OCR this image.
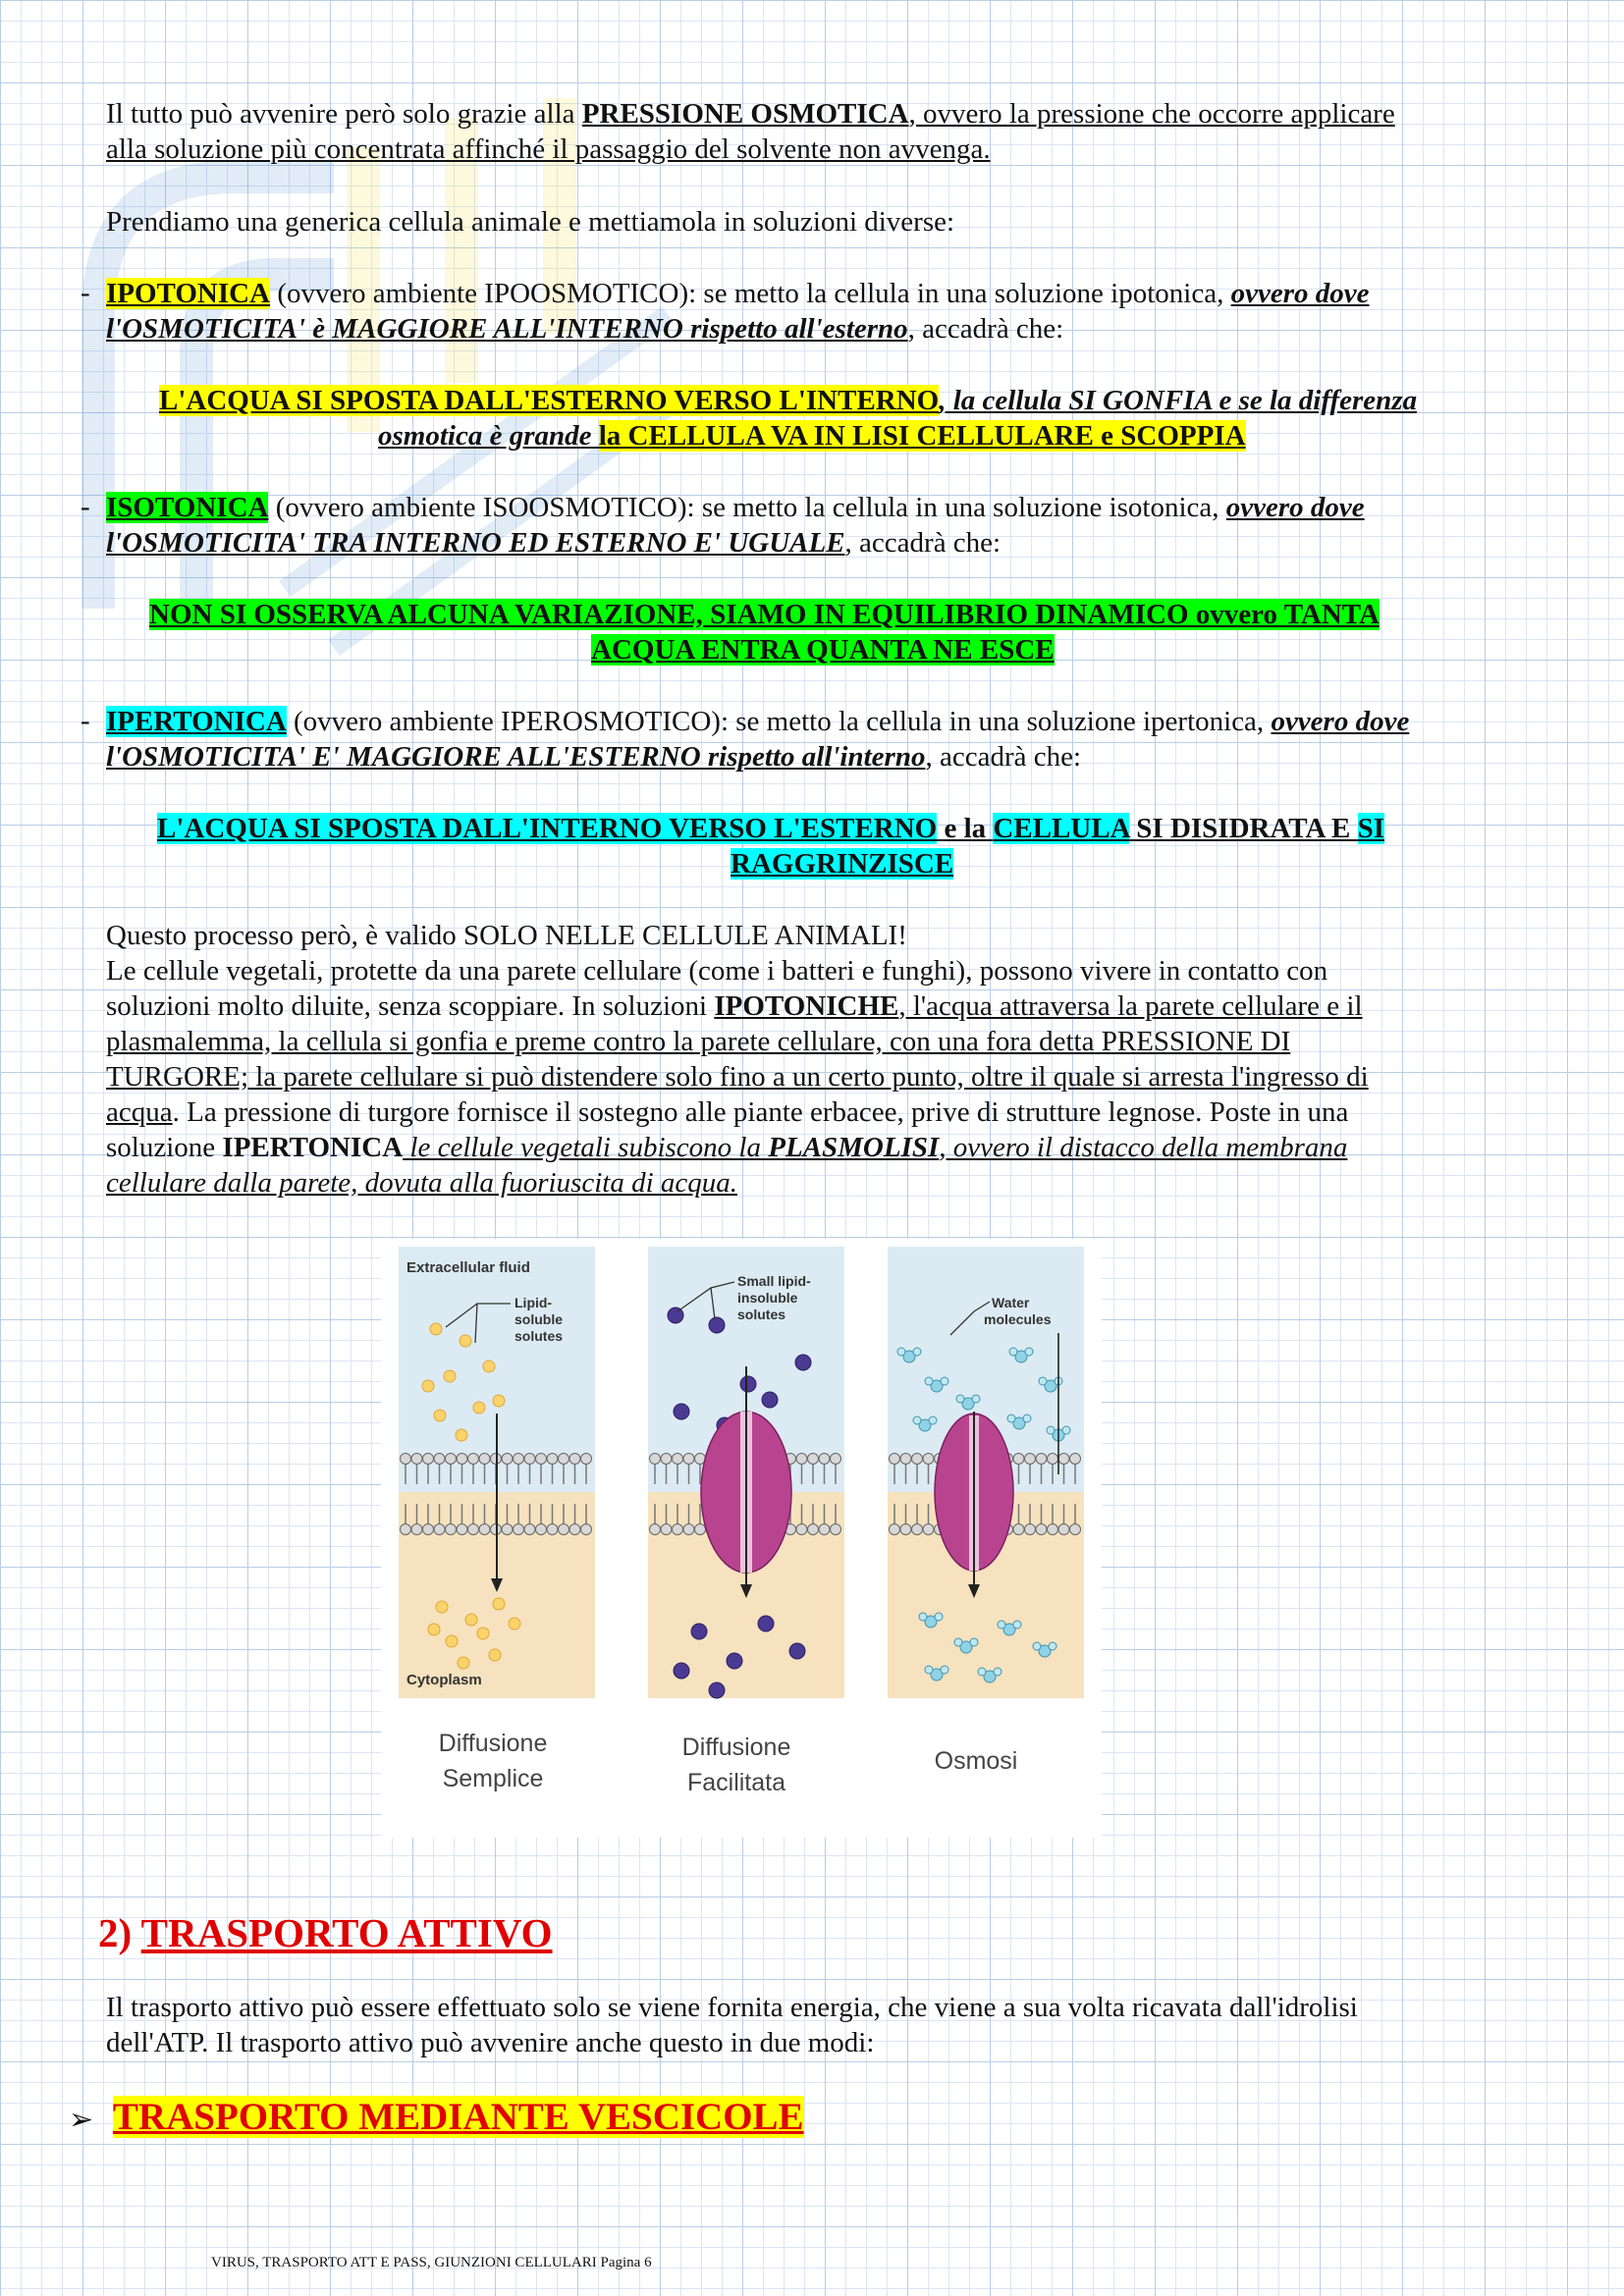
Il tutto può avvenire però solo grazie alla PRESSIONE OSMOTICA, ovvero la pressione che occorre applicare

alla soluzione più concentrata affinché il passaggio del solvente non avvenga.

Prendiamo una generica cellula animale e mettiamola in soluzioni diverse:

- IPOTONICA (ovvero ambiente IPOOSMOTICO): se metto la cellula in una soluzione ipotonica, ovvero dove

l'OSMOTICITA' è MAGGIORE ALL'INTERNO rispetto all'esterno, accadrà che:

L'ACQUA SI SPOSTA DALL'ESTERNO VERSO L'INTERNO, la cellula SI GONFIA e se la differenza

osmotica è grande la CELLULA VA IN LISI CELLULARE e SCOPPIA

- ISOTONICA (ovvero ambiente ISOOSMOTICO): se metto la cellula in una soluzione isotonica, ovvero dove

l'OSMOTICITA' TRA INTERNO ED ESTERNO E' UGUALE, accadrà che:

NON SI OSSERVA ALCUNA VARIAZIONE, SIAMO IN EQUILIBRIO DINAMICO ovvero TANTA

ACQUA ENTRA QUANTA NE ESCE

- IPERTONICA (ovvero ambiente IPEROSMOTICO): se metto la cellula in una soluzione ipertonica, ovvero dove

l'OSMOTICITA' E' MAGGIORE ALL'ESTERNO rispetto all'interno, accadrà che:

L'ACQUA SI SPOSTA DALL'INTERNO VERSO L'ESTERNO e la CELLULA SI DISIDRATA E SI

RAGGRINZISCE

Questo processo però, è valido SOLO NELLE CELLULE ANIMALI!

Le cellule vegetali, protette da una parete cellulare (come i batteri e funghi), possono vivere in contatto con

soluzioni molto diluite, senza scoppiare. In soluzioni IPOTONICHE, l'acqua attraversa la parete cellulare e il

plasmalemma, la cellula si gonfia e preme contro la parete cellulare, con una fora detta PRESSIONE DI

TURGORE; la parete cellulare si può distendere solo fino a un certo punto, oltre il quale si arresta l'ingresso di

acqua. La pressione di turgore fornisce il sostegno alle piante erbacee, prive di strutture legnose. Poste in una

soluzione IPERTONICA le cellule vegetali subiscono la PLASMOLISI, ovvero il distacco della membrana

cellulare dalla parete, dovuta alla fuoriuscita di acqua.

Extracellular fluid
Lipid-
soluble
solutes
Small lipid-
insoluble
solutes
Water
molecules
Cytoplasm
Diffusione
Semplice
Diffusione
Facilitata
Osmosi
2) TRASPORTO ATTIVO

Il trasporto attivo può essere effettuato solo se viene fornita energia, che viene a sua volta ricavata dall'idrolisi

dell'ATP. Il trasporto attivo può avvenire anche questo in due modi:

➢ TRASPORTO MEDIANTE VESCICOLE
VIRUS, TRASPORTO ATT E PASS, GIUNZIONI CELLULARI Pagina 6
